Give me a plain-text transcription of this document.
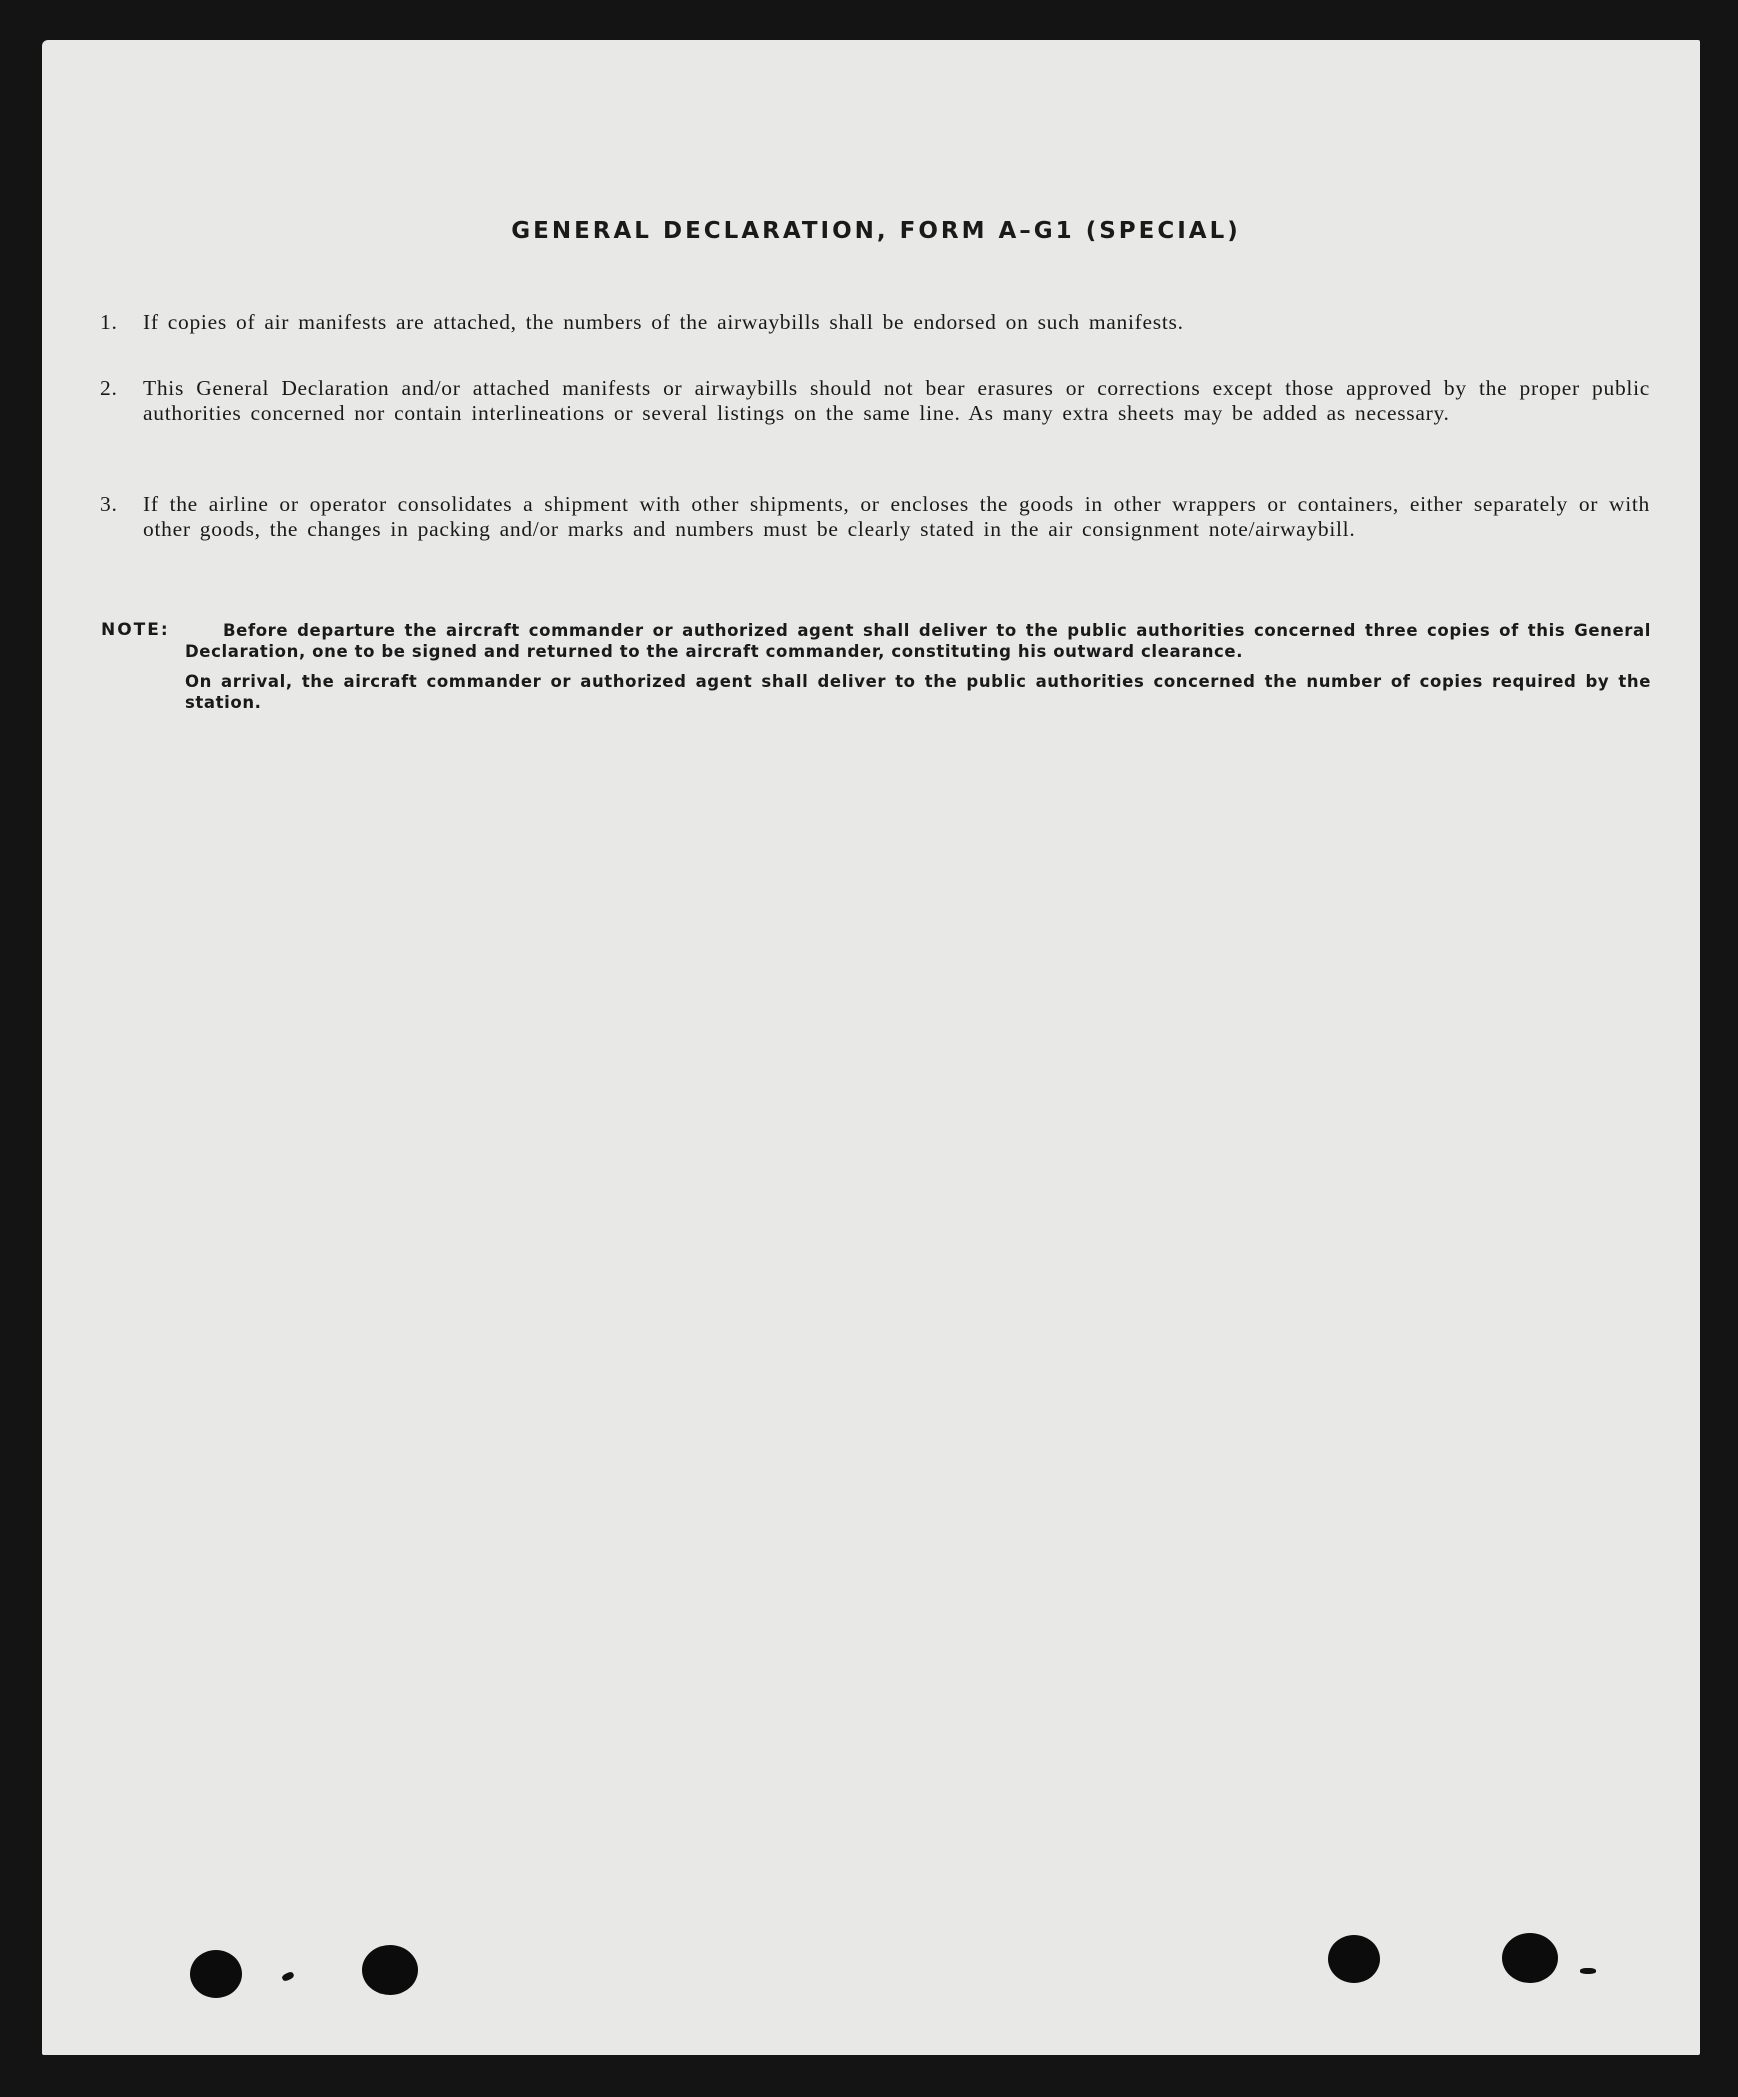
GENERAL DECLARATION, FORM A–G1 (SPECIAL)
1. If copies of air manifests are attached, the numbers of the airwaybills shall be endorsed on such manifests.
2. This General Declaration and/or attached manifests or airwaybills should not bear erasures or corrections except those approved by the proper public authorities concerned nor contain interlineations or several listings on the same line. As many extra sheets may be added as necessary.
3. If the airline or operator consolidates a shipment with other shipments, or encloses the goods in other wrappers or containers, either separately or with other goods, the changes in packing and/or marks and numbers must be clearly stated in the air consignment note/airwaybill.
NOTE:	Before departure the aircraft commander or authorized agent shall deliver to the public authorities concerned three copies of this General Declaration, one to be signed and returned to the aircraft commander, constituting his outward clearance.
On arrival, the aircraft commander or authorized agent shall deliver to the public authorities concerned the number of copies required by the station.
